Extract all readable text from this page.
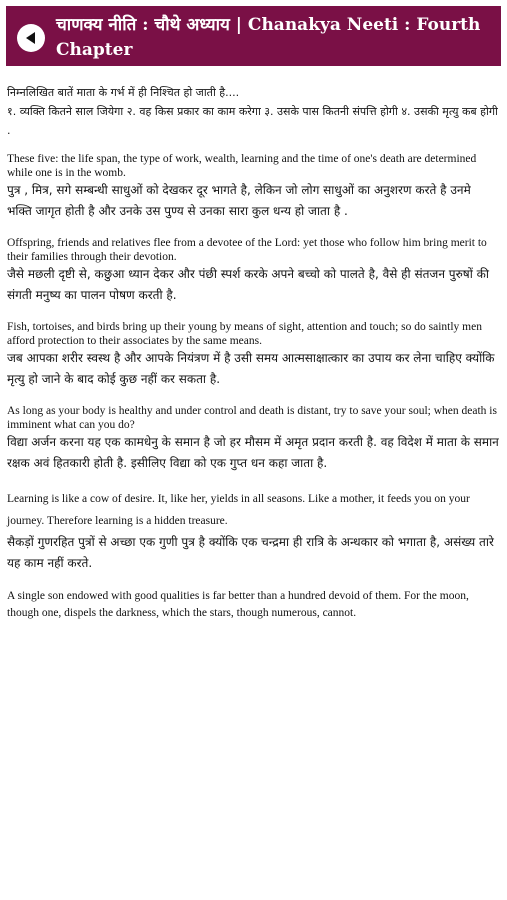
चाणक्य नीति : चौथे अध्याय | Chanakya Neeti : Fourth Chapter

निम्नलिखित बातें माता के गर्भ में ही निश्चित हो जाती है....

१. व्यक्ति कितने साल जियेगा २. वह किस प्रकार का काम करेगा ३. उसके पास कितनी संपत्ति होगी ४. उसकी मृत्यु कब होगी .

These five: the life span, the type of work, wealth, learning and the time of one's death are determined while one is in the womb.

पुत्र , मित्र, सगे सम्बन्धी साधुओं को देखकर दूर भागते है, लेकिन जो लोग साधुओं का अनुशरण करते है उनमे भक्ति जागृत होती है और उनके उस पुण्य से उनका सारा कुल धन्य हो जाता है .

Offspring, friends and relatives flee from a devotee of the Lord: yet those who follow him bring merit to their families through their devotion.

जैसे मछली दृष्टी से, कछुआ ध्यान देकर और पंछी स्पर्श करके अपने बच्चो को पालते है, वैसे ही संतजन पुरुषों की संगती मनुष्य का पालन पोषण करती है.

Fish, tortoises, and birds bring up their young by means of sight, attention and touch; so do saintly men afford protection to their associates by the same means.

जब आपका शरीर स्वस्थ है और आपके नियंत्रण में है उसी समय आत्मसाक्षात्कार का उपाय कर लेना चाहिए क्योंकि मृत्यु हो जाने के बाद कोई कुछ नहीं कर सकता है.

As long as your body is healthy and under control and death is distant, try to save your soul; when death is imminent what can you do?

विद्या अर्जन करना यह एक कामधेनु के समान है जो हर मौसम में अमृत प्रदान करती है. वह विदेश में माता के समान रक्षक अवं हितकारी होती है. इसीलिए विद्या को एक गुप्त धन कहा जाता है.

Learning is like a cow of desire. It, like her, yields in all seasons. Like a mother, it feeds you on your journey. Therefore learning is a hidden treasure.

सैकड़ों गुणरहित पुत्रों से अच्छा एक गुणी पुत्र है क्योंकि एक चन्द्रमा ही रात्रि के अन्धकार को भगाता है, असंख्य तारे यह काम नहीं करते.

A single son endowed with good qualities is far better than a hundred devoid of them. For the moon, though one, dispels the darkness, which the stars, though numerous, cannot.
